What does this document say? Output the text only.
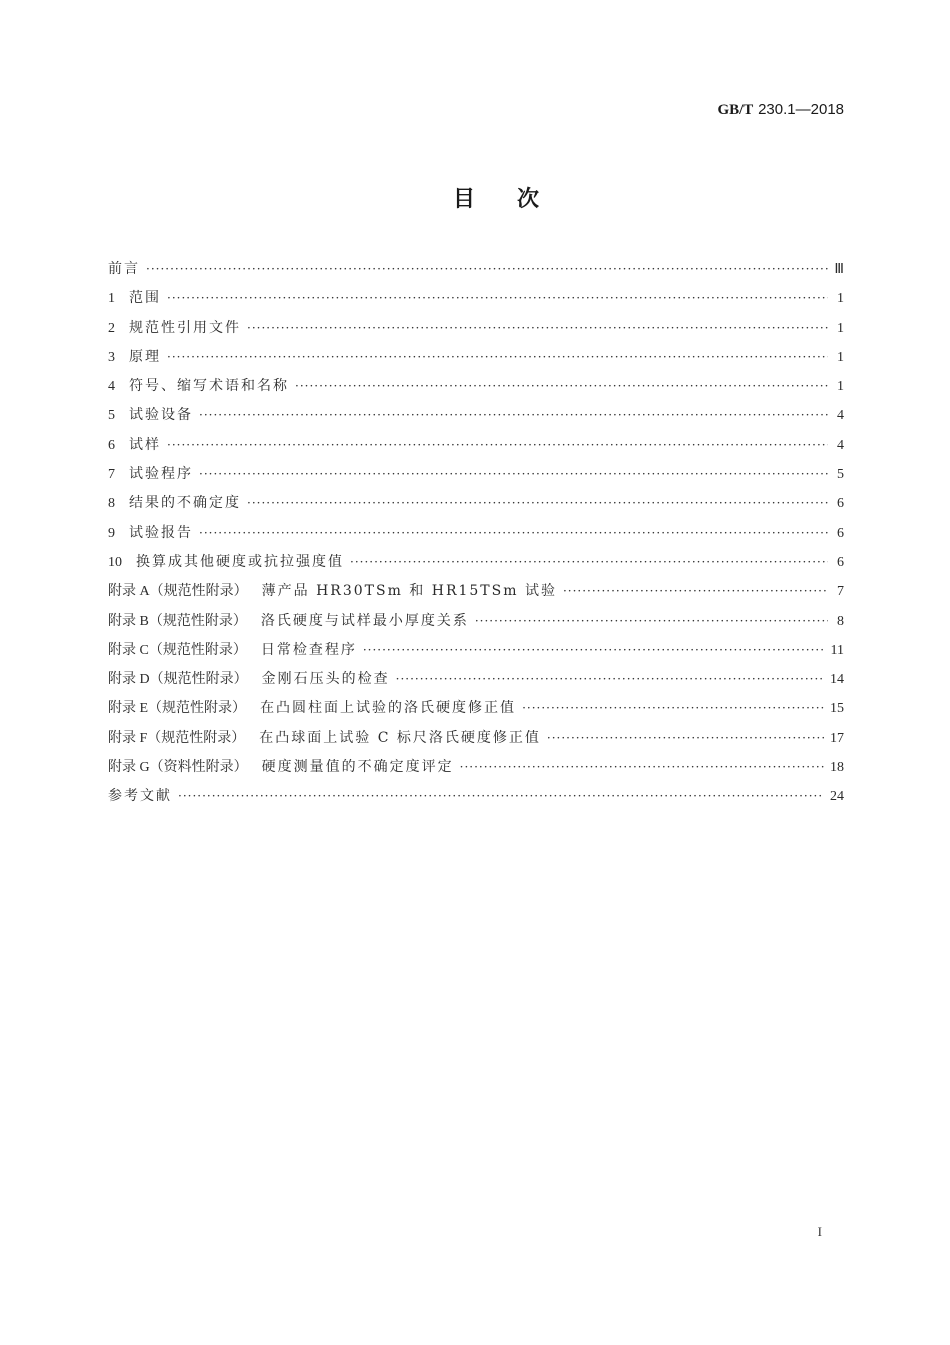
GB/T 230.1—2018
目次
前言 ·····	Ⅲ
1 范围 ·····	1
2 规范性引用文件 ·····	1
3 原理 ·····	1
4 符号、缩写术语和名称 ·····	1
5 试验设备 ·····	4
6 试样 ·····	4
7 试验程序 ·····	5
8 结果的不确定度 ·····	6
9 试验报告 ·····	6
10 换算成其他硬度或抗拉强度值 ·····	6
附录 A（规范性附录） 薄产品 HR30TSm 和 HR15TSm 试验 ·····	7
附录 B（规范性附录） 洛氏硬度与试样最小厚度关系 ·····	8
附录 C（规范性附录） 日常检查程序 ·····	11
附录 D（规范性附录） 金刚石压头的检查 ·····	14
附录 E（规范性附录） 在凸圆柱面上试验的洛氏硬度修正值 ·····	15
附录 F（规范性附录） 在凸球面上试验 C 标尺洛氏硬度修正值 ·····	17
附录 G（资料性附录） 硬度测量值的不确定度评定 ·····	18
参考文献 ·····	24
I
